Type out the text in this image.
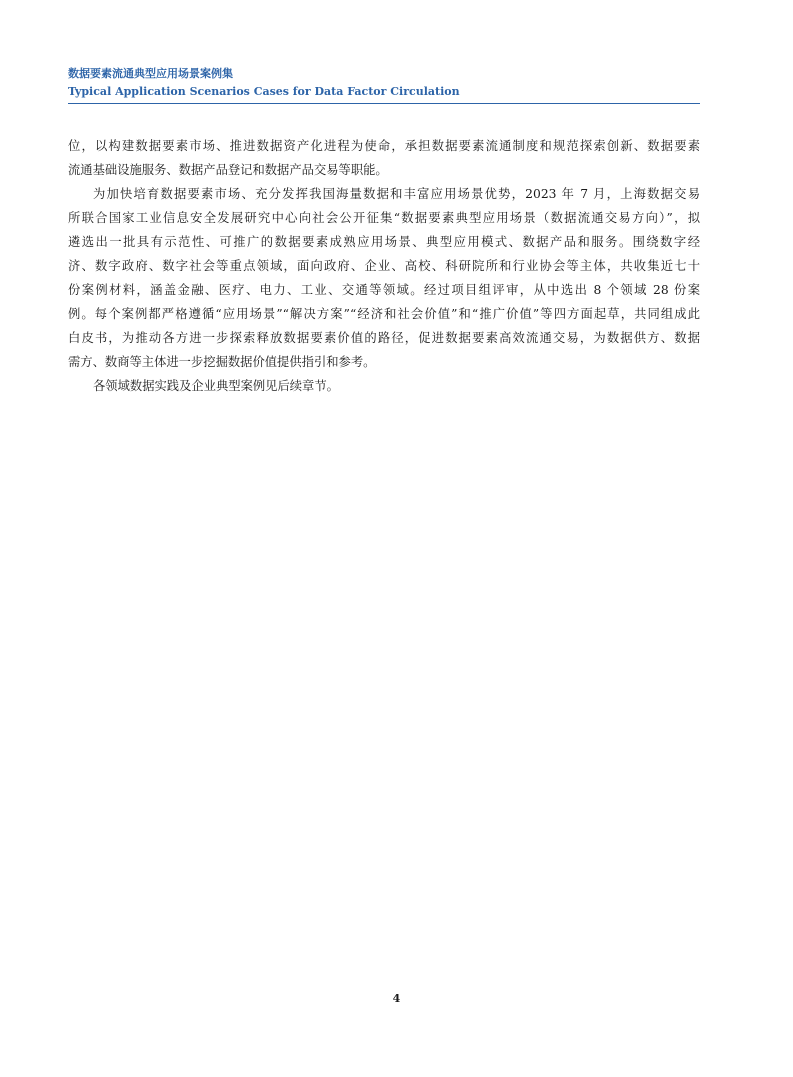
数据要素流通典型应用场景案例集
Typical Application Scenarios Cases for Data Factor Circulation
位，以构建数据要素市场、推进数据资产化进程为使命，承担数据要素流通制度和规范探索创新、数据要素
流通基础设施服务、数据产品登记和数据产品交易等职能。
为加快培育数据要素市场、充分发挥我国海量数据和丰富应用场景优势，2023 年 7 月，上海数据交易
所联合国家工业信息安全发展研究中心向社会公开征集“数据要素典型应用场景（数据流通交易方向）”，拟
遴选出一批具有示范性、可推广的数据要素成熟应用场景、典型应用模式、数据产品和服务。围绕数字经
济、数字政府、数字社会等重点领域，面向政府、企业、高校、科研院所和行业协会等主体，共收集近七十
份案例材料，涵盖金融、医疗、电力、工业、交通等领域。经过项目组评审，从中选出 8 个领域 28 份案
例。每个案例都严格遵循“应用场景”“解决方案”“经济和社会价值”和“推广价值”等四方面起草，共同组成此
白皮书，为推动各方进一步探索释放数据要素价值的路径，促进数据要素高效流通交易，为数据供方、数据
需方、数商等主体进一步挖掘数据价值提供指引和参考。
各领域数据实践及企业典型案例见后续章节。
4
